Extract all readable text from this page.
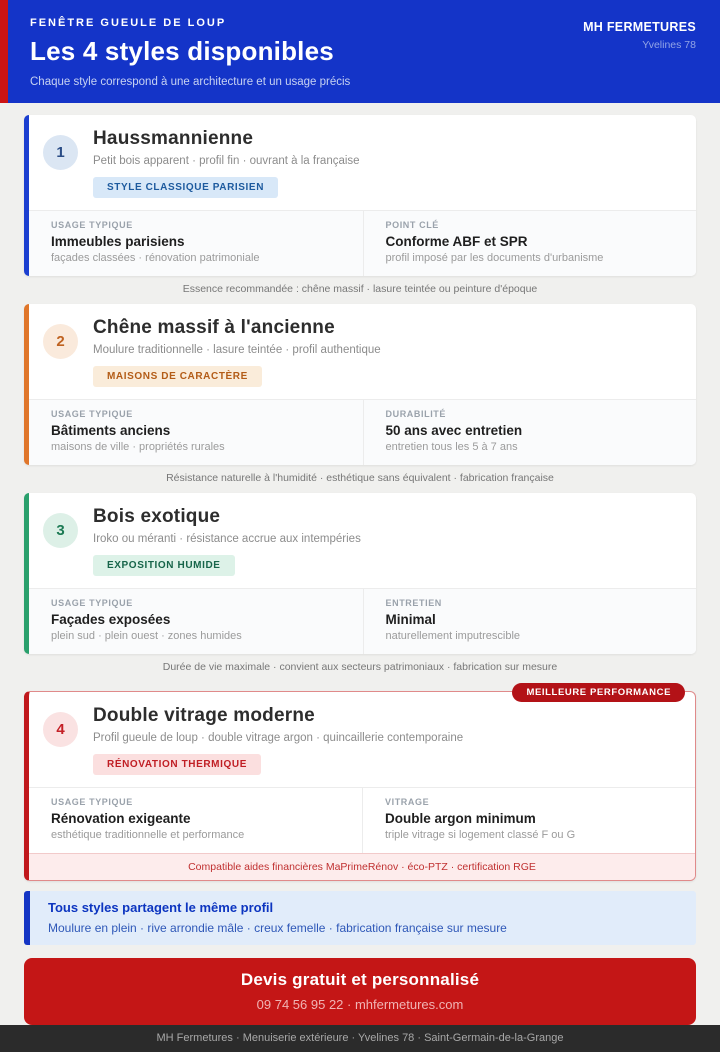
FENÊTRE GUEULE DE LOUP
Les 4 styles disponibles
Chaque style correspond à une architecture et un usage précis
MH FERMETURES
Yvelines 78
1
Haussmannienne
Petit bois apparent · profil fin · ouvrant à la française
STYLE CLASSIQUE PARISIEN
USAGE TYPIQUE
Immeubles parisiens
façades classées · rénovation patrimoniale
POINT CLÉ
Conforme ABF et SPR
profil imposé par les documents d'urbanisme
Essence recommandée : chêne massif · lasure teintée ou peinture d'époque
2
Chêne massif à l'ancienne
Moulure traditionnelle · lasure teintée · profil authentique
MAISONS DE CARACTÈRE
USAGE TYPIQUE
Bâtiments anciens
maisons de ville · propriétés rurales
DURABILITÉ
50 ans avec entretien
entretien tous les 5 à 7 ans
Résistance naturelle à l'humidité · esthétique sans équivalent · fabrication française
3
Bois exotique
Iroko ou méranti · résistance accrue aux intempéries
EXPOSITION HUMIDE
USAGE TYPIQUE
Façades exposées
plein sud · plein ouest · zones humides
ENTRETIEN
Minimal
naturellement imputrescible
Durée de vie maximale · convient aux secteurs patrimoniaux · fabrication sur mesure
MEILLEURE PERFORMANCE
4
Double vitrage moderne
Profil gueule de loup · double vitrage argon · quincaillerie contemporaine
RÉNOVATION THERMIQUE
USAGE TYPIQUE
Rénovation exigeante
esthétique traditionnelle et performance
VITRAGE
Double argon minimum
triple vitrage si logement classé F ou G
Compatible aides financières MaPrimeRénov · éco-PTZ · certification RGE
Tous styles partagent le même profil
Moulure en plein · rive arrondie mâle · creux femelle · fabrication française sur mesure
Devis gratuit et personnalisé
09 74 56 95 22 · mhfermetures.com
MH Fermetures · Menuiserie extérieure · Yvelines 78 · Saint-Germain-de-la-Grange
